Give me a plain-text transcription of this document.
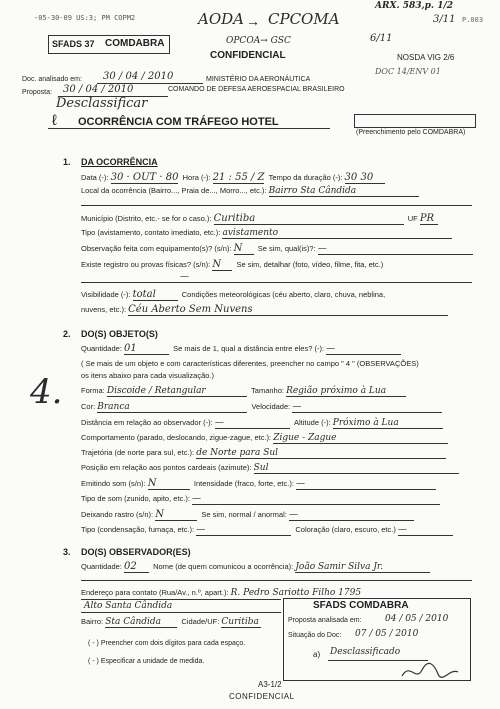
-05-30-09 US:3; PM COPM2
ARX. 583,p. 1/2
AODA → CPCOMA	3/11 P.003
OPCOA→ GSC	6/11
DOC 14/ENV 01
SFADS 37 COMDABRA
CONFIDENCIAL	NOSDA VIG 2/6
Doc. analisado em: 30 / 04 / 2010
Proposta: 30 / 04 / 2010
MINISTÉRIO DA AERONÁUTICA
COMANDO DE DEFESA AEROESPACIAL BRASILEIRO
Desclassificar
ℓ OCORRÊNCIA COM TRÁFEGO HOTEL
(Preenchimento pelo COMDABRA)
1. DA OCORRÊNCIA
Data (-): 30 · OUT · 80 Hora (-): 21 : 55 / Z Tempo da duração (-): 30 30
Local da ocorrência (Bairro..., Praia de..., Morro..., etc.): Bairro Sta Cândida
Município (Distrito, etc.- se for o caso.): Curitiba	UF PR
Tipo (avistamento, contato imediato, etc.): avistamento
Observação feita com equipamento(s)? (s/n): N Se sim, qual(is)?: —
Existe registro ou provas físicas? (s/n): N Se sim, detalhar (foto, vídeo, filme, fita, etc.)
—
Visibilidade (-): total	Condições meteorológicas (céu aberto, claro, chuva, neblina,
nuvens, etc.): Céu Aberto Sem Nuvens
2. DO(S) OBJETO(S)
Quantidade: 01	Se mais de 1, qual a distância entre eles? (-): —
( Se mais de um objeto e com características diferentes, preencher no campo " 4 " (OBSERVAÇÕES)
os itens abaixo para cada visualização.)
4. Forma: Discoide / Retangular	Tamanho: Região próximo à Lua
Cor: Branca	Velocidade: —
Distância em relação ao observador (-): —	Altitude (-): Próximo à Lua
Comportamento (parado, deslocando, zigue-zague, etc.): Zigue - Zague
Trajetória (de norte para sul, etc.): de Norte para Sul
Posição em relação aos pontos cardeais (azimute): Sul
Emitindo som (s/n): N	Intensidade (fraco, forte, etc.): —
Tipo de som (zunido, apito, etc.): —
Deixando rastro (s/n): N	Se sim, normal / anormal: —
Tipo (condensação, fumaça, etc.): —	Coloração (claro, escuro, etc.) —
3. DO(S) OBSERVADOR(ES)
Quantidade: 02 Nome (de quem comunicou a ocorrência): João Samir Silva Jr.
Endereço para contato (Rua/Av., n.º, apart.): R. Pedro Sariotto Filho 1795
Alto Santa Cândida
Bairro: Sta Cândida	Cidade/UF: Curitiba
( - ) Preencher com dois dígitos para cada espaço.
( - ) Especificar a unidade de medida.
SFADS COMDABRA
Proposta analisada em:	04 / 05 / 2010
Situação do Doc: 07 / 05 / 2010
a) Desclassificado
A3-1/2
CONFIDENCIAL
